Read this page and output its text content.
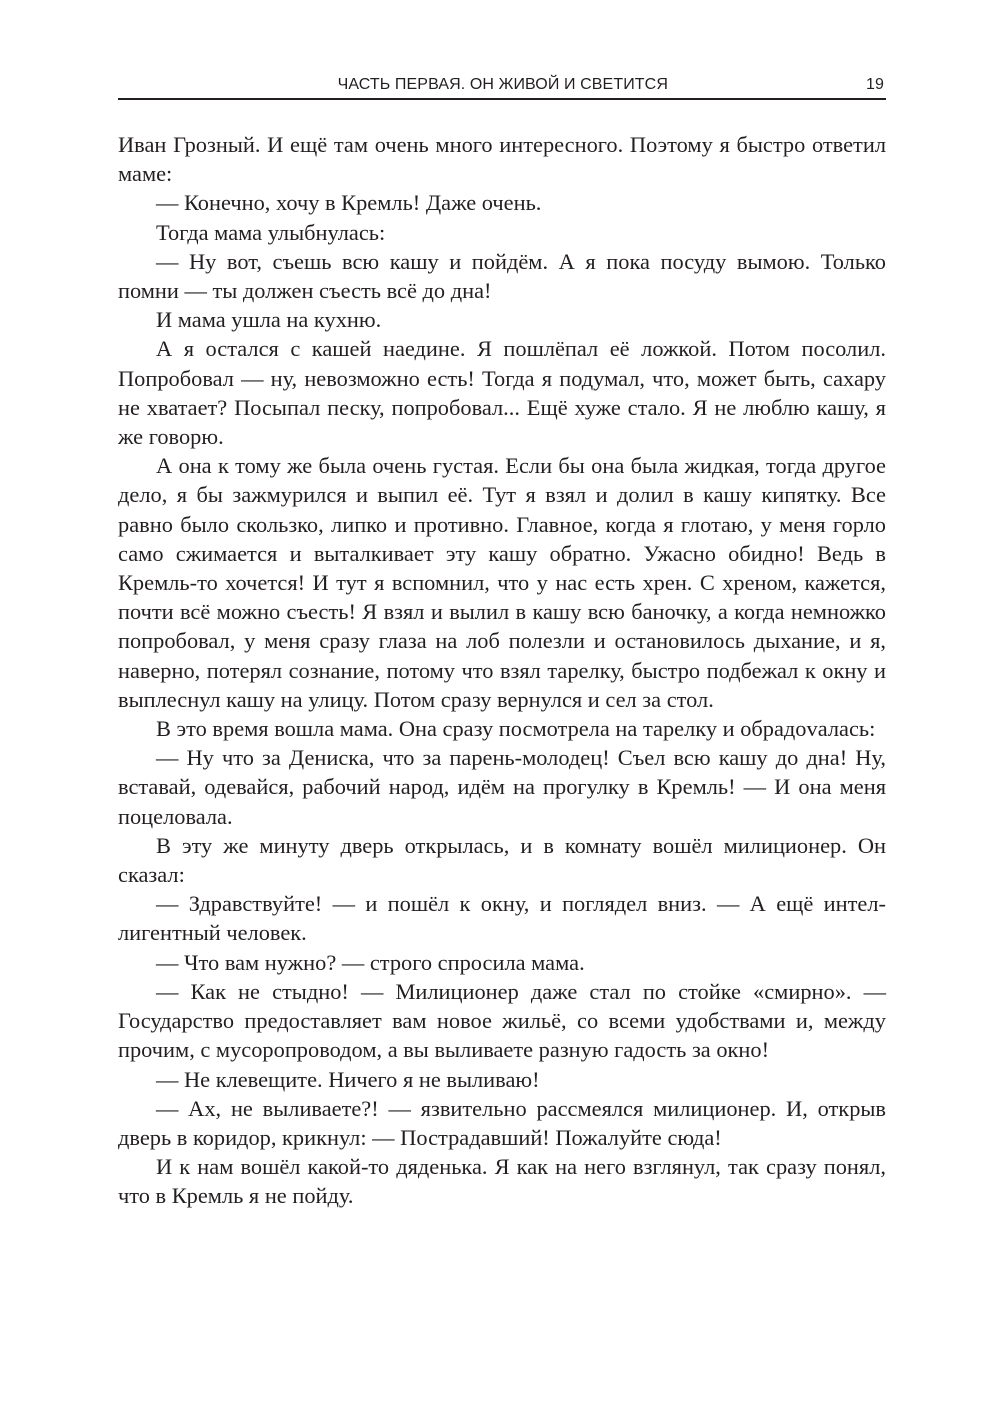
ЧАСТЬ ПЕРВАЯ. ОН ЖИВОЙ И СВЕТИТСЯ	19

Иван Грозный. И ещё там очень много интересного. Поэтому я быстро ответил маме:

— Конечно, хочу в Кремль! Даже очень.

Тогда мама улыбнулась:

— Ну вот, съешь всю кашу и пойдём. А я пока посуду вымою. Только помни — ты должен съесть всё до дна!

И мама ушла на кухню.

А я остался с кашей наедине. Я пошлёпал её ложкой. Потом посолил. Попробовал — ну, невозможно есть! Тогда я подумал, что, может быть, сахару не хватает? Посыпал песку, попробовал... Ещё хуже стало. Я не люблю кашу, я же говорю.

А она к тому же была очень густая. Если бы она была жидкая, тогда другое дело, я бы зажмурился и выпил её. Тут я взял и долил в кашу кипятку. Все равно было скользко, липко и противно. Главное, когда я глотаю, у меня горло само сжимается и выталкивает эту кашу обратно. Ужасно обидно! Ведь в Кремль-то хочется! И тут я вспомнил, что у нас есть хрен. С хреном, кажется, почти всё можно съесть! Я взял и вылил в кашу всю баночку, а когда немножко попробовал, у меня сразу глаза на лоб полезли и остановилось дыхание, и я, наверно, потерял сознание, потому что взял тарелку, быстро подбежал к окну и выплеснул кашу на улицу. Потом сразу вернулся и сел за стол.

В это время вошла мама. Она сразу посмотрела на тарелку и обрадоvалась:

— Ну что за Дениска, что за парень-молодец! Съел всю кашу до дна! Ну, вставай, одевайся, рабочий народ, идём на прогулку в Кремль! — И она меня поцеловала.

В эту же минуту дверь открылась, и в комнату вошёл милиционер. Он сказал:

— Здравствуйте! — и пошёл к окну, и поглядел вниз. — А ещё интеллигентный человек.

— Что вам нужно? — строго спросила мама.

— Как не стыдно! — Милиционер даже стал по стойке «смирно». — Государство предоставляет вам новое жильё, со всеми удобствами и, между прочим, с мусоропроводом, а вы выливаете разную гадость за окно!

— Не клевещите. Ничего я не выливаю!

— Ах, не выливаете?! — язвительно рассмеялся милиционер. И, открыв дверь в коридор, крикнул: — Пострадавший! Пожалуйте сюда!

И к нам вошёл какой-то дяденька. Я как на него взглянул, так сразу понял, что в Кремль я не пойду.
